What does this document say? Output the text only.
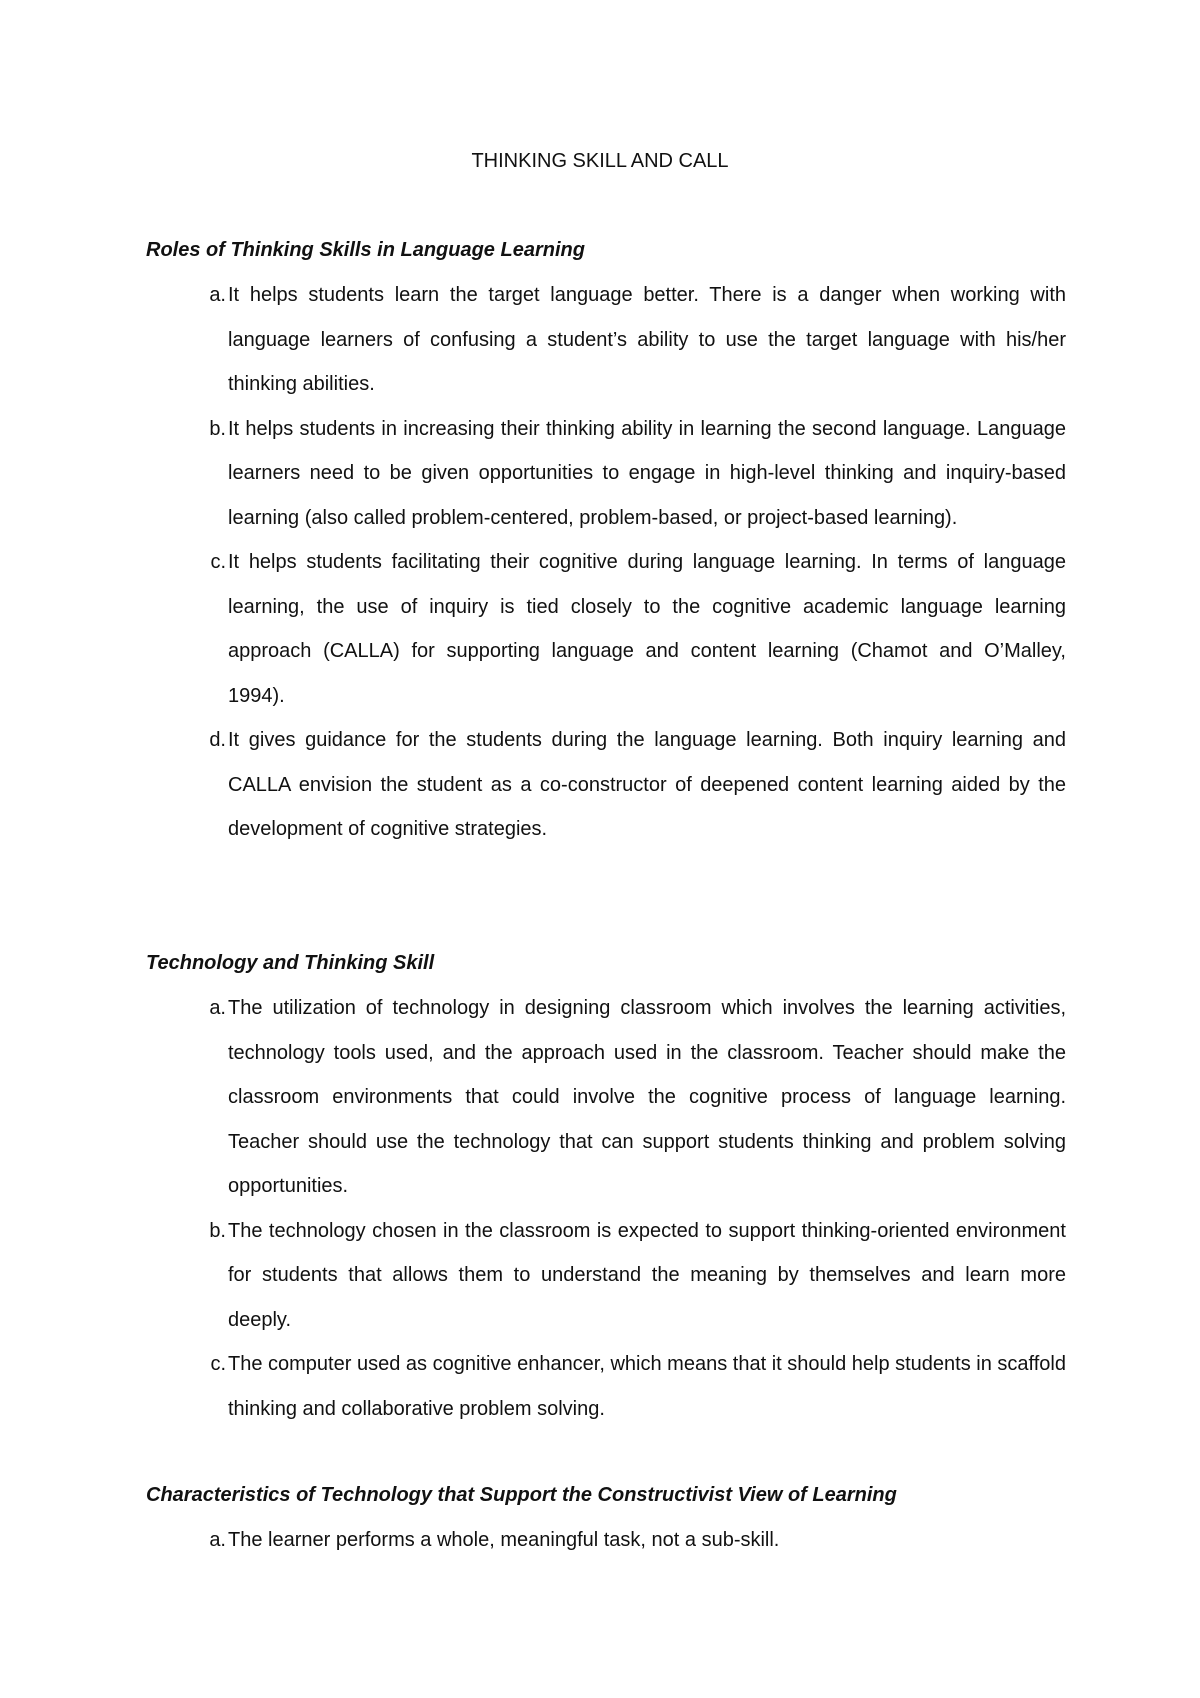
THINKING SKILL AND CALL
Roles of Thinking Skills in Language Learning
a. It helps students learn the target language better. There is a danger when working with language learners of confusing a student’s ability to use the target language with his/her thinking abilities.
b. It helps students in increasing their thinking ability in learning the second language. Language learners need to be given opportunities to engage in high-level thinking and inquiry-based learning (also called problem-centered, problem-based, or project-based learning).
c. It helps students facilitating their cognitive during language learning. In terms of language learning, the use of inquiry is tied closely to the cognitive academic language learning approach (CALLA) for supporting language and content learning (Chamot and O’Malley, 1994).
d. It gives guidance for the students during the language learning. Both inquiry learning and CALLA envision the student as a co-constructor of deepened content learning aided by the development of cognitive strategies.
Technology and Thinking Skill
a. The utilization of technology in designing classroom which involves the learning activities, technology tools used, and the approach used in the classroom. Teacher should make the classroom environments that could involve the cognitive process of language learning. Teacher should use the technology that can support students thinking and problem solving opportunities.
b. The technology chosen in the classroom is expected to support thinking-oriented environment for students that allows them to understand the meaning by themselves and learn more deeply.
c. The computer used as cognitive enhancer, which means that it should help students in scaffold thinking and collaborative problem solving.
Characteristics of Technology that Support the Constructivist View of Learning
a. The learner performs a whole, meaningful task, not a sub-skill.
